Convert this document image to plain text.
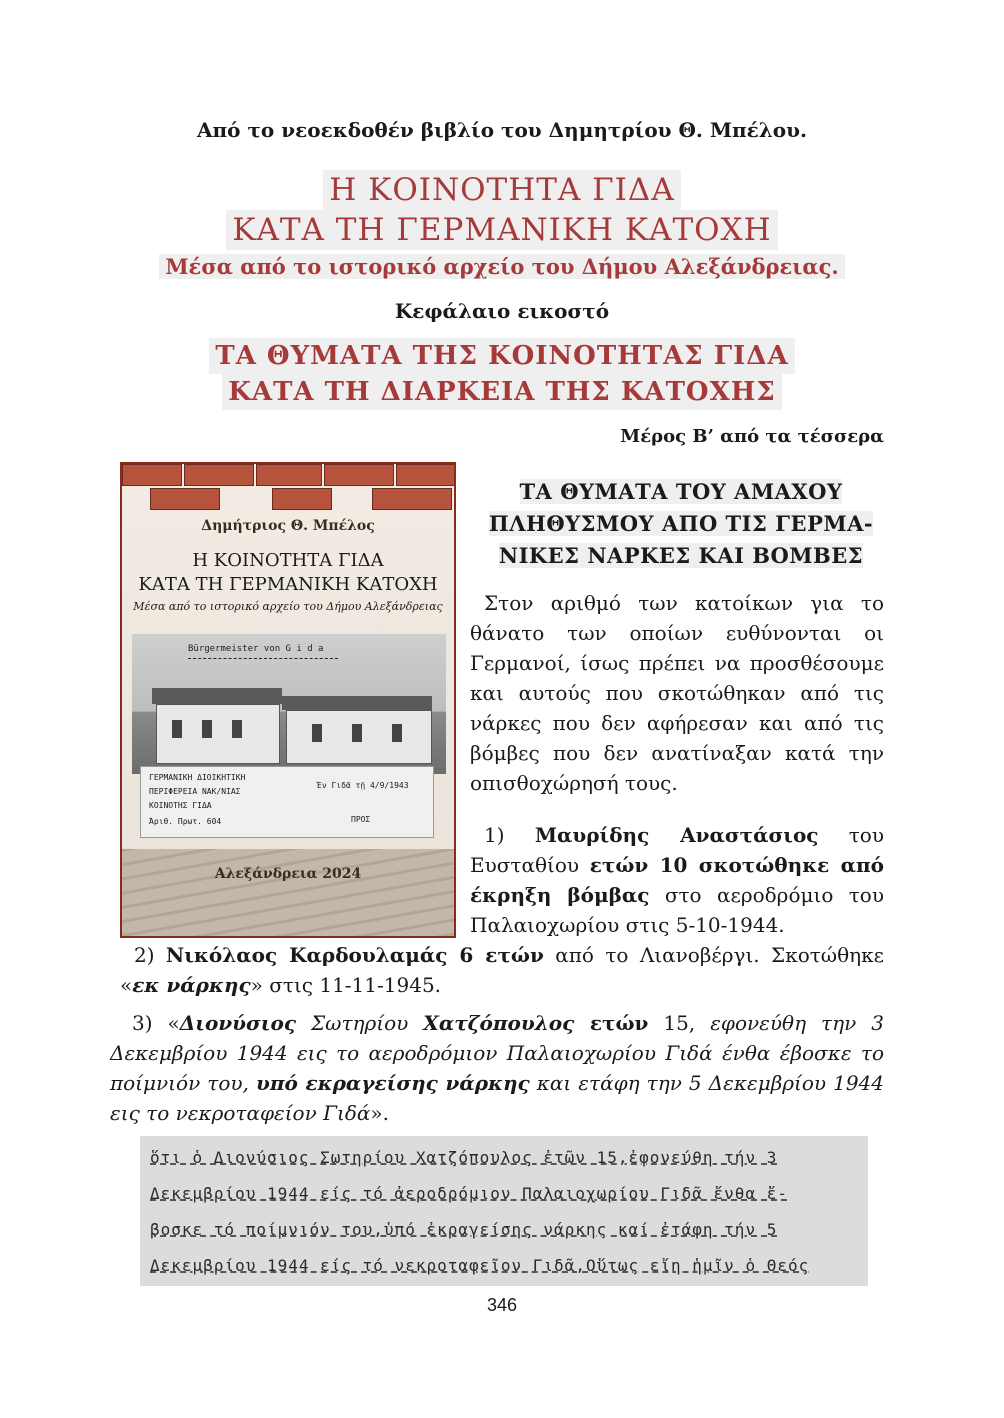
Από το νεοεκδοθέν βιβλίο του Δημητρίου Θ. Μπέλου.
Η ΚΟΙΝΟΤΗΤΑ ΓΙΔΑ
ΚΑΤΑ ΤΗ ΓΕΡΜΑΝΙΚΗ ΚΑΤΟΧΗ
Μέσα από το ιστορικό αρχείο του Δήμου Αλεξάνδρειας.
Κεφάλαιο εικοστό
ΤΑ ΘΥΜΑΤΑ ΤΗΣ ΚΟΙΝΟΤΗΤΑΣ ΓΙΔΑ
ΚΑΤΑ ΤΗ ΔΙΑΡΚΕΙΑ ΤΗΣ ΚΑΤΟΧΗΣ
Μέρος Β’ από τα τέσσερα
Δημήτριος Θ. Μπέλος
Η ΚΟΙΝΟΤΗΤΑ ΓΙΔΑ
ΚΑΤΑ ΤΗ ΓΕΡΜΑΝΙΚΗ ΚΑΤΟΧΗ
Μέσα από το ιστορικό αρχείο του Δήμου Αλεξάνδρειας
Bürgermeister von G i d a
ΓΕΡΜΑΝΙΚΗ ΔΙΟΙΚΗΤΙΚΗ
ΠΕΡΙΦΕΡΕΙΑ ΝΑΚ/ΝΙΑΣ
ΚΟΙΝΟΤΗΣ ΓΙΔΑ
Άριθ. Πρωτ. 604
Έν Γιδᾶ τῇ 4/9/1943
ΠΡΟΣ
Αλεξάνδρεια 2024
ΤΑ ΘΥΜΑΤΑ ΤΟΥ ΑΜΑΧΟΥ
ΠΛΗΘΥΣΜΟΥ ΑΠΟ ΤΙΣ ΓΕΡΜΑ-
ΝΙΚΕΣ ΝΑΡΚΕΣ ΚΑΙ ΒΟΜΒΕΣ
Στον αριθμό των κατοίκων για το θάνατο των οποίων ευθύνονται οι Γερμανοί, ίσως πρέπει να προσθέσουμε και αυτούς που σκοτώθηκαν από τις νάρκες που δεν αφήρεσαν και από τις βόμβες που δεν ανατίναξαν κατά την οπισθοχώρησή τους.
1) Μαυρίδης Αναστάσιος του Ευσταθίου ετών 10 σκοτώθηκε από έκρηξη βόμβας στο αεροδρόμιο του Παλαιοχωρίου στις 5-10-1944.
2) Νικόλαος Καρδουλαμάς 6 ετών από το Λιανοβέργι. Σκοτώθηκε «εκ νάρκης» στις 11-11-1945.
3) «Διονύσιος Σωτηρίου Χατζόπουλος ετών 15, εφονεύθη την 3 Δεκεμβρίου 1944 εις το αεροδρόμιον Παλαιοχωρίου Γιδά ένθα έβοσκε το ποίμνιόν του, υπό εκραγείσης νάρκης και ετάφη την 5 Δεκεμβρίου 1944 εις το νεκροταφείον Γιδά».
ὅτι ὁ Διονύσιος Σωτηρίου Χατζόπουλος ἐτῶν 15,ἐφονεύθη τήν 3
Δεκεμβρίου 1944 είς τό ἀεροδρόμιον Παλαιοχωρίου Γιδᾶ ἔνθα ἔ-
βοσκε τό ποίμνιόν του,ὑπό ἐκραγείσης νάρκης καί ἐτάφη τήν 5
Δεκεμβρίου 1944 είς τό νεκροταφεῖον Γιδᾶ,Οὕτως εἴη ἡμῖν ὁ Θεός
346
